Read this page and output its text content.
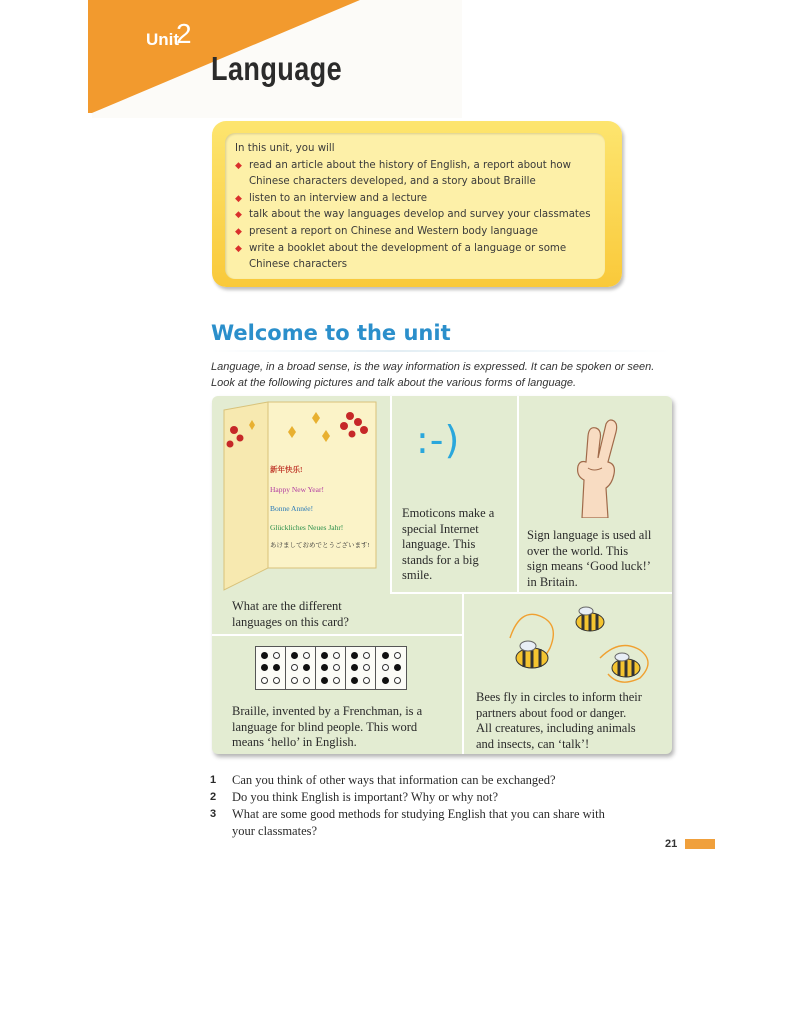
Unit
2
Language
In this unit, you will
◆ read an article about the history of English, a report about how
Chinese characters developed, and a story about Braille
◆ listen to an interview and a lecture
◆ talk about the way languages develop and survey your classmates
◆ present a report on Chinese and Western body language
◆ write a booklet about the development of a language or some
Chinese characters
Welcome to the unit
Language, in a broad sense, is the way information is expressed. It can be spoken or seen.
Look at the following pictures and talk about the various forms of language.
新年快乐!
Happy New Year!
Bonne Année!
Glückliches Neues Jahr!
あけましておめでとうございます!
What are the different
languages on this card?
:-)
Emoticons make a
special Internet
language. This
stands for a big
smile.
Sign language is used all
over the world. This
sign means ‘Good luck!’
in Britain.
Braille, invented by a Frenchman, is a
language for blind people. This word
means ‘hello’ in English.
Bees fly in circles to inform their
partners about food or danger.
All creatures, including animals
and insects, can ‘talk’!
1 Can you think of other ways that information can be exchanged?
2 Do you think English is important? Why or why not?
3 What are some good methods for studying English that you can share with
your classmates?
21
